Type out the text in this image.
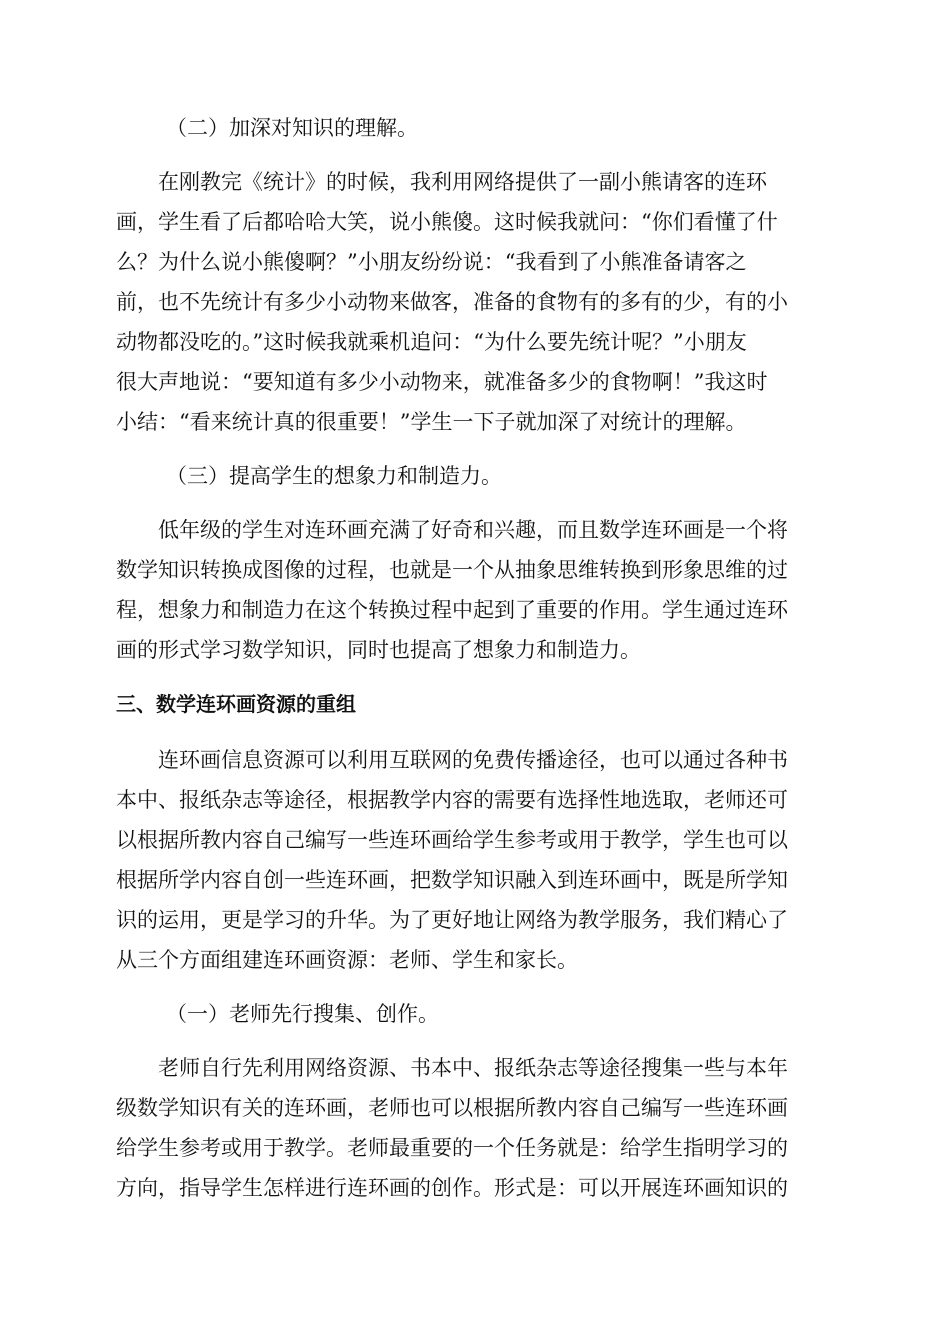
（二）加深对知识的理解。

在刚教完《统计》的时候，我利用网络提供了一副小熊请客的连环

画，学生看了后都哈哈大笑，说小熊傻。这时候我就问：“你们看懂了什

么？为什么说小熊傻啊？”小朋友纷纷说：“我看到了小熊准备请客之

前，也不先统计有多少小动物来做客，准备的食物有的多有的少，有的小

动物都没吃的。”这时候我就乘机追问：“为什么要先统计呢？”小朋友

很大声地说：“要知道有多少小动物来，就准备多少的食物啊！”我这时

小结：“看来统计真的很重要！”学生一下子就加深了对统计的理解。

（三）提高学生的想象力和制造力。

低年级的学生对连环画充满了好奇和兴趣，而且数学连环画是一个将

数学知识转换成图像的过程，也就是一个从抽象思维转换到形象思维的过

程，想象力和制造力在这个转换过程中起到了重要的作用。学生通过连环

画的形式学习数学知识，同时也提高了想象力和制造力。

三、数学连环画资源的重组

连环画信息资源可以利用互联网的免费传播途径，也可以通过各种书

本中、报纸杂志等途径，根据教学内容的需要有选择性地选取，老师还可

以根据所教内容自己编写一些连环画给学生参考或用于教学，学生也可以

根据所学内容自创一些连环画，把数学知识融入到连环画中，既是所学知

识的运用，更是学习的升华。为了更好地让网络为教学服务，我们精心了

从三个方面组建连环画资源：老师、学生和家长。

（一）老师先行搜集、创作。

老师自行先利用网络资源、书本中、报纸杂志等途径搜集一些与本年

级数学知识有关的连环画，老师也可以根据所教内容自己编写一些连环画

给学生参考或用于教学。老师最重要的一个任务就是：给学生指明学习的

方向，指导学生怎样进行连环画的创作。形式是：可以开展连环画知识的
